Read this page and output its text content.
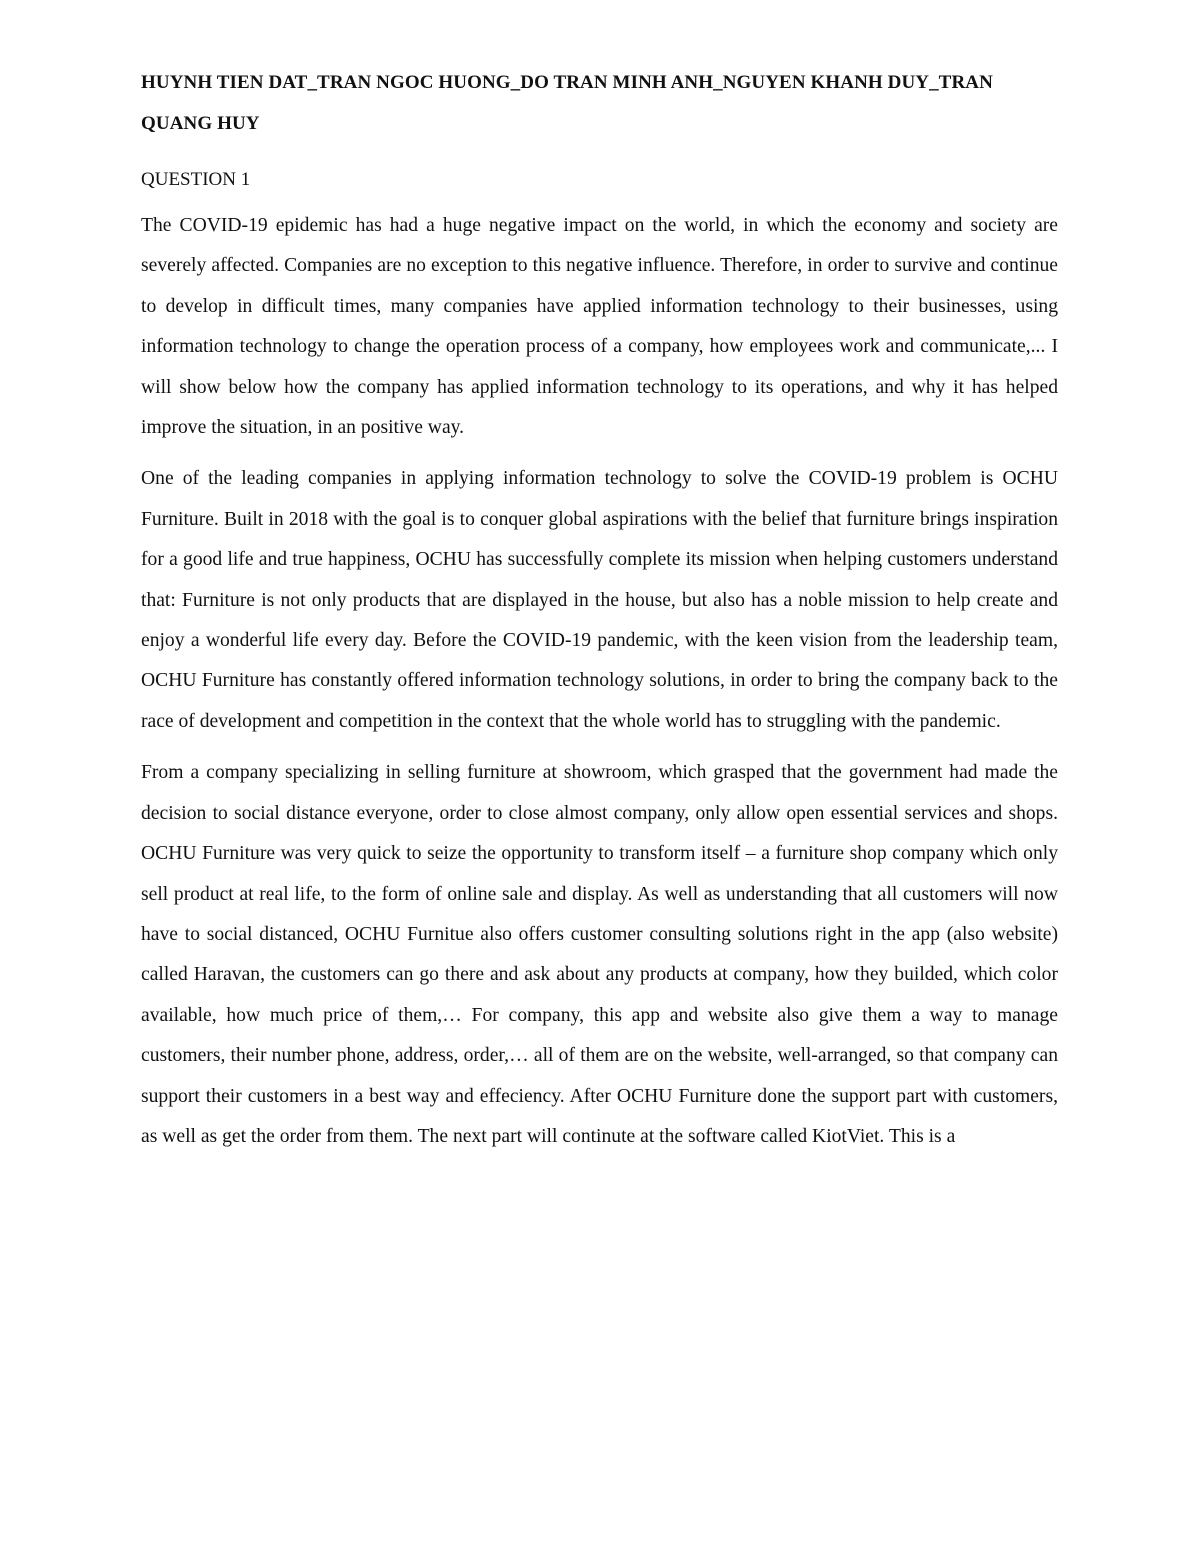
HUYNH TIEN DAT_TRAN NGOC HUONG_DO TRAN MINH ANH_NGUYEN KHANH DUY_TRAN QUANG HUY

QUESTION 1

The COVID-19 epidemic has had a huge negative impact on the world, in which the economy and society are severely affected. Companies are no exception to this negative influence. Therefore, in order to survive and continue to develop in difficult times, many companies have applied information technology to their businesses, using information technology to change the operation process of a company, how employees work and communicate,... I will show below how the company has applied information technology to its operations, and why it has helped improve the situation, in an positive way.

One of the leading companies in applying information technology to solve the COVID-19 problem is OCHU Furniture. Built in 2018 with the goal is to conquer global aspirations with the belief that furniture brings inspiration for a good life and true happiness, OCHU has successfully complete its mission when helping customers understand that: Furniture is not only products that are displayed in the house, but also has a noble mission to help create and enjoy a wonderful life every day. Before the COVID-19 pandemic, with the keen vision from the leadership team, OCHU Furniture has constantly offered information technology solutions, in order to bring the company back to the race of development and competition in the context that the whole world has to struggling with the pandemic.

From a company specializing in selling furniture at showroom, which grasped that the government had made the decision to social distance everyone, order to close almost company, only allow open essential services and shops. OCHU Furniture was very quick to seize the opportunity to transform itself – a furniture shop company which only sell product at real life, to the form of online sale and display. As well as understanding that all customers will now have to social distanced, OCHU Furnitue also offers customer consulting solutions right in the app (also website) called Haravan, the customers can go there and ask about any products at company, how they builded, which color available, how much price of them,… For company, this app and website also give them a way to manage customers, their number phone, address, order,… all of them are on the website, well-arranged, so that company can support their customers in a best way and effeciency. After OCHU Furniture done the support part with customers, as well as get the order from them. The next part will continute at the software called KiotViet. This is a
